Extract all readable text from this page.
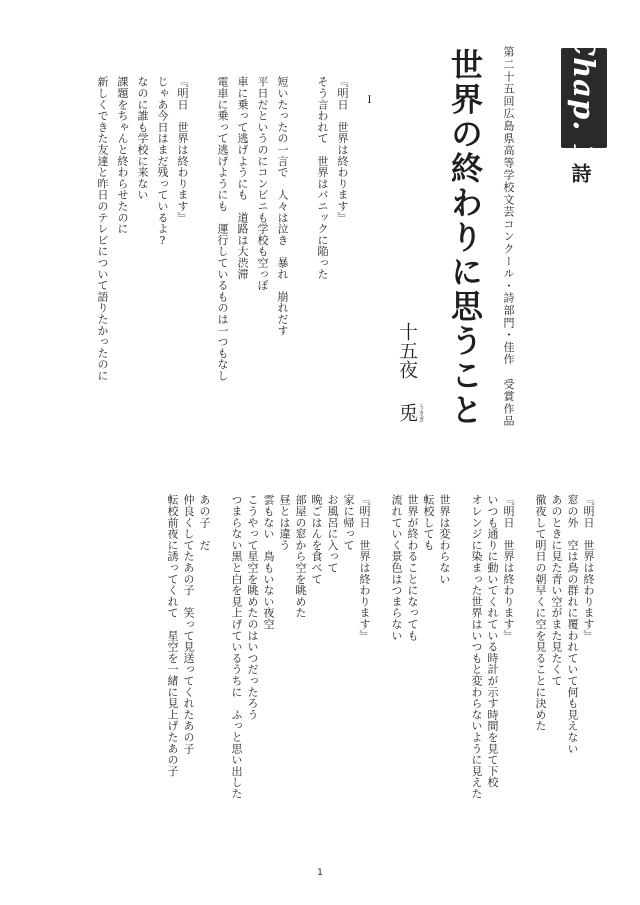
Chap. 1
詩
第二十五回広島県高等学校文芸コンクール・詩部門・佳作　受賞作品
世界の終わりに思うこと
十五夜
兎 うさぎ
Ⅰ
『明日　世界は終わります』
そう言われて　世界はパニックに陥った
短いたったの一言で　人々は泣き　暴れ　崩れだす
平日だというのにコンビニも学校も空っぽ
車に乗って逃げようにも　道路は大渋滞
電車に乗って逃げようにも　運行しているものは一つもなし
『明日　世界は終わります』
じゃあ今日はまだ残っているよ?
なのに誰も学校に来ない
課題をちゃんと終わらせたのに
新しくできた友達と昨日のテレビについて語りたかったのに
『明日　世界は終わります』
窓の外　空は鳥の群れに覆われていて何も見えない
あのときに見た青い空がまた見たくて
徹夜して明日の朝早くに空を見ることに決めた
『明日　世界は終わります』
いつも通りに動いてくれている時計が示す時間を見て下校
オレンジに染まった世界はいつもと変わらないように見えた
世界は変わらない
転校しても
世界が終わることになっても
流れていく景色はつまらない
『明日　世界は終わります』
家に帰って
お風呂に入って
晩ごはんを食べて
部屋の窓から空を眺めた
昼とは違う
雲もない　鳥もいない夜空
こうやって星空を眺めたのはいつだったろう
つまらない黒と白を見上げているうちに　ふっと思い出した
あの子　だ
仲良くしてたあの子　笑って見送ってくれたあの子
転校前夜に誘ってくれて　星空を一緒に見上げたあの子
1
